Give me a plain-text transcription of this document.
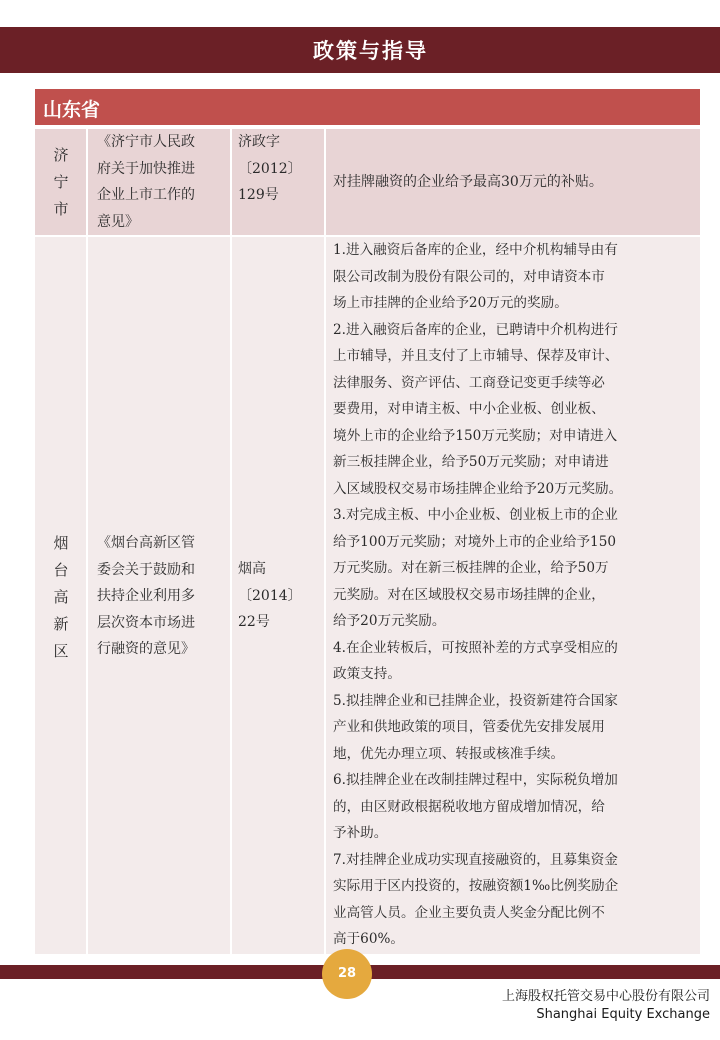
政策与指导
山东省
济
宁
市
《济宁市人民政
府关于加快推进
企业上市工作的
意见》
济政字
〔2012〕
129号
对挂牌融资的企业给予最高30万元的补贴。
烟
台
高
新
区
《烟台高新区管
委会关于鼓励和
扶持企业利用多
层次资本市场进
行融资的意见》
烟高
〔2014〕
22号
1.进入融资后备库的企业，经中介机构辅导由有
限公司改制为股份有限公司的，对申请资本市
场上市挂牌的企业给予20万元的奖励。
2.进入融资后备库的企业，已聘请中介机构进行
上市辅导，并且支付了上市辅导、保荐及审计、
法律服务、资产评估、工商登记变更手续等必
要费用，对申请主板、中小企业板、创业板、
境外上市的企业给予150万元奖励；对申请进入
新三板挂牌企业，给予50万元奖励；对申请进
入区域股权交易市场挂牌企业给予20万元奖励。
3.对完成主板、中小企业板、创业板上市的企业
给予100万元奖励；对境外上市的企业给予150
万元奖励。对在新三板挂牌的企业，给予50万
元奖励。对在区域股权交易市场挂牌的企业，
给予20万元奖励。
4.在企业转板后，可按照补差的方式享受相应的
政策支持。
5.拟挂牌企业和已挂牌企业，投资新建符合国家
产业和供地政策的项目，管委优先安排发展用
地，优先办理立项、转报或核准手续。
6.拟挂牌企业在改制挂牌过程中，实际税负增加
的，由区财政根据税收地方留成增加情况，给
予补助。
7.对挂牌企业成功实现直接融资的，且募集资金
实际用于区内投资的，按融资额1‰比例奖励企
业高管人员。企业主要负责人奖金分配比例不
高于60%。
28
上海股权托管交易中心股份有限公司
Shanghai Equity Exchange
